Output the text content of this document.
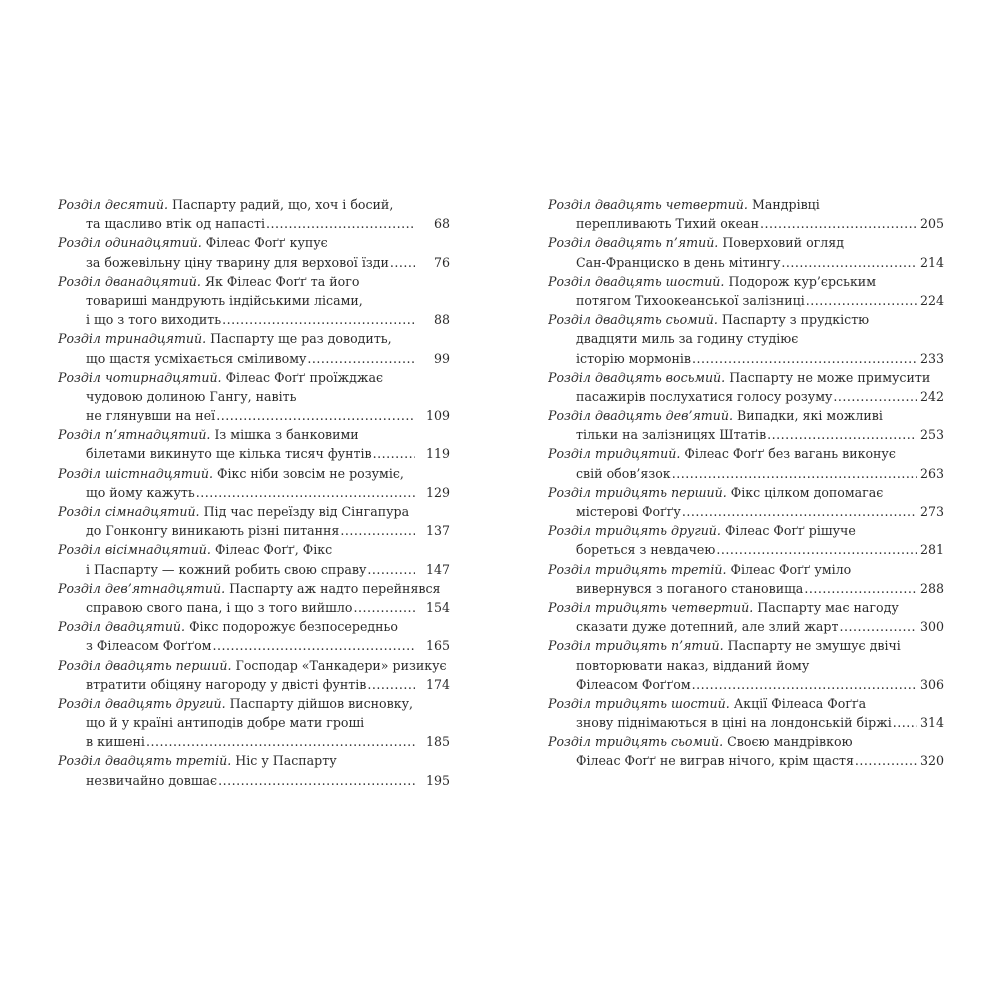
Розділ десятий. Паспарту радий, що, хоч і босий,
та щасливо втік од напасті .....	68
Розділ одинадцятий. Філеас Фоґґ купує
за божевільну ціну тварину для верхової їзди .....	76
Розділ дванадцятий. Як Філеас Фоґґ та його
товариші мандрують індійськими лісами,
і що з того виходить .....	88
Розділ тринадцятий. Паспарту ще раз доводить,
що щастя усміхається сміливому .....	99
Розділ чотирнадцятий. Філеас Фоґґ проїжджає
чудовою долиною Гангу, навіть
не глянувши на неї .....	109
Розділ п’ятнадцятий. Із мішка з банковими
білетами викинуто ще кілька тисяч фунтів .....	119
Розділ шістнадцятий. Фікс ніби зовсім не розуміє,
що йому кажуть .....	129
Розділ сімнадцятий. Під час переїзду від Сінгапура
до Гонконгу виникають різні питання .....	137
Розділ вісімнадцятий. Філеас Фоґґ, Фікс
і Паспарту — кожний робить свою справу .....	147
Розділ дев’ятнадцятий. Паспарту аж надто перейнявся
справою свого пана, і що з того вийшло .....	154
Розділ двадцятий. Фікс подорожує безпосередньо
з Філеасом Фоґґом .....	165
Розділ двадцять перший. Господар «Танкадери» ризикує
втратити обіцяну нагороду у двісті фунтів .....	174
Розділ двадцять другий. Паспарту дійшов висновку,
що й у країні антиподів добре мати гроші
в кишені .....	185
Розділ двадцять третій. Ніс у Паспарту
незвичайно довшає .....	195
Розділ двадцять четвертий. Мандрівці
перепливають Тихий океан .....	205
Розділ двадцять п’ятий. Поверховий огляд
Сан-Франциско в день мітингу .....	214
Розділ двадцять шостий. Подорож кур’єрським
потягом Тихоокеанської залізниці .....	224
Розділ двадцять сьомий. Паспарту з прудкістю
двадцяти миль за годину студіює
історію мормонів .....	233
Розділ двадцять восьмий. Паспарту не може примусити
пасажирів послухатися голосу розуму .....	242
Розділ двадцять дев’ятий. Випадки, які можливі
тільки на залізницях Штатів .....	253
Розділ тридцятий. Філеас Фоґґ без вагань виконує
свій обов’язок .....	263
Розділ тридцять перший. Фікс цілком допомагає
містерові Фоґґу .....	273
Розділ тридцять другий. Філеас Фоґґ рішуче
бореться з невдачею .....	281
Розділ тридцять третій. Філеас Фоґґ уміло
вивернувся з поганого становища .....	288
Розділ тридцять четвертий. Паспарту має нагоду
сказати дуже дотепний, але злий жарт .....	300
Розділ тридцять п’ятий. Паспарту не змушує двічі
повторювати наказ, відданий йому
Філеасом Фоґґом .....	306
Розділ тридцять шостий. Акції Філеаса Фоґґа
знову піднімаються в ціні на лондонській біржі ..... 314
Розділ тридцять сьомий. Своєю мандрівкою
Філеас Фоґґ не виграв нічого, крім щастя .....	320
